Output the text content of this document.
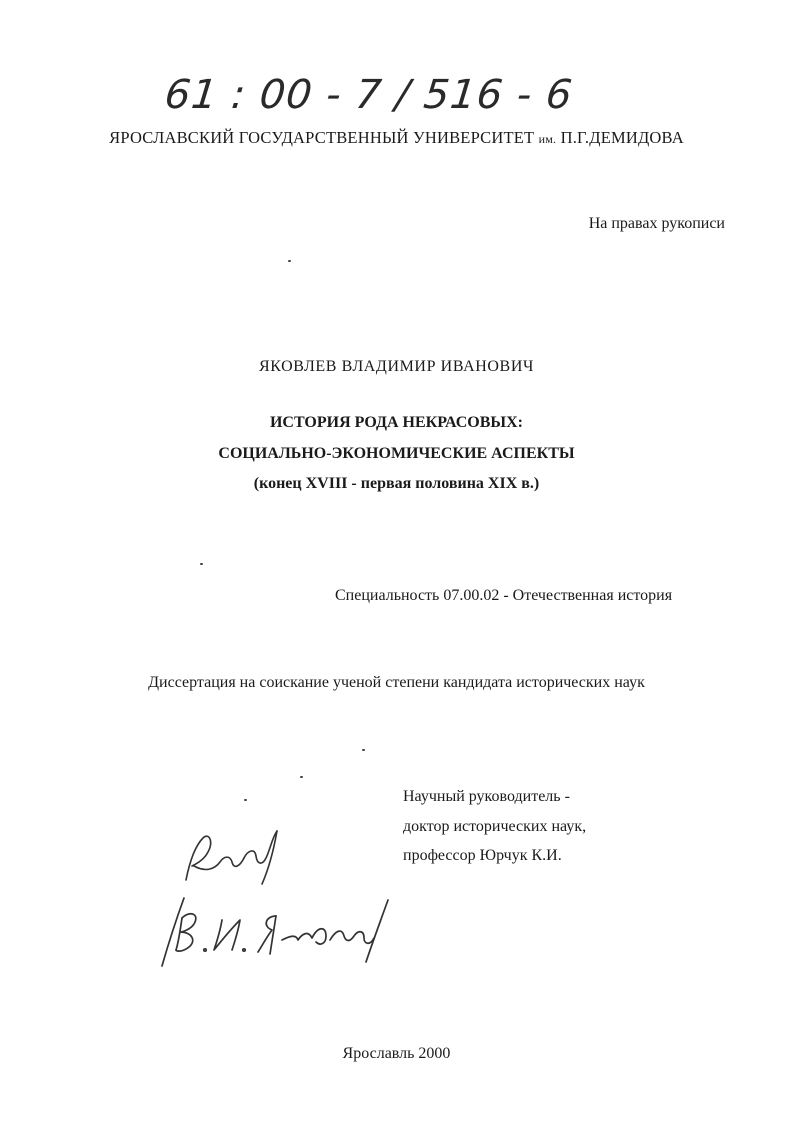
61 : 00 - 7 / 516 - 6

ЯРОСЛАВСКИЙ ГОСУДАРСТВЕННЫЙ УНИВЕРСИТЕТ им. П.Г.ДЕМИДОВА

На правах рукописи

ЯКОВЛЕВ ВЛАДИМИР ИВАНОВИЧ

ИСТОРИЯ РОДА НЕКРАСОВЫХ:

СОЦИАЛЬНО-ЭКОНОМИЧЕСКИЕ АСПЕКТЫ

(конец XVIII - первая половина XIX в.)

Специальность 07.00.02 - Отечественная история

Диссертация на соискание ученой степени кандидата исторических наук

Научный руководитель -

доктор исторических наук,

профессор Юрчук К.И.

Ярославль 2000
